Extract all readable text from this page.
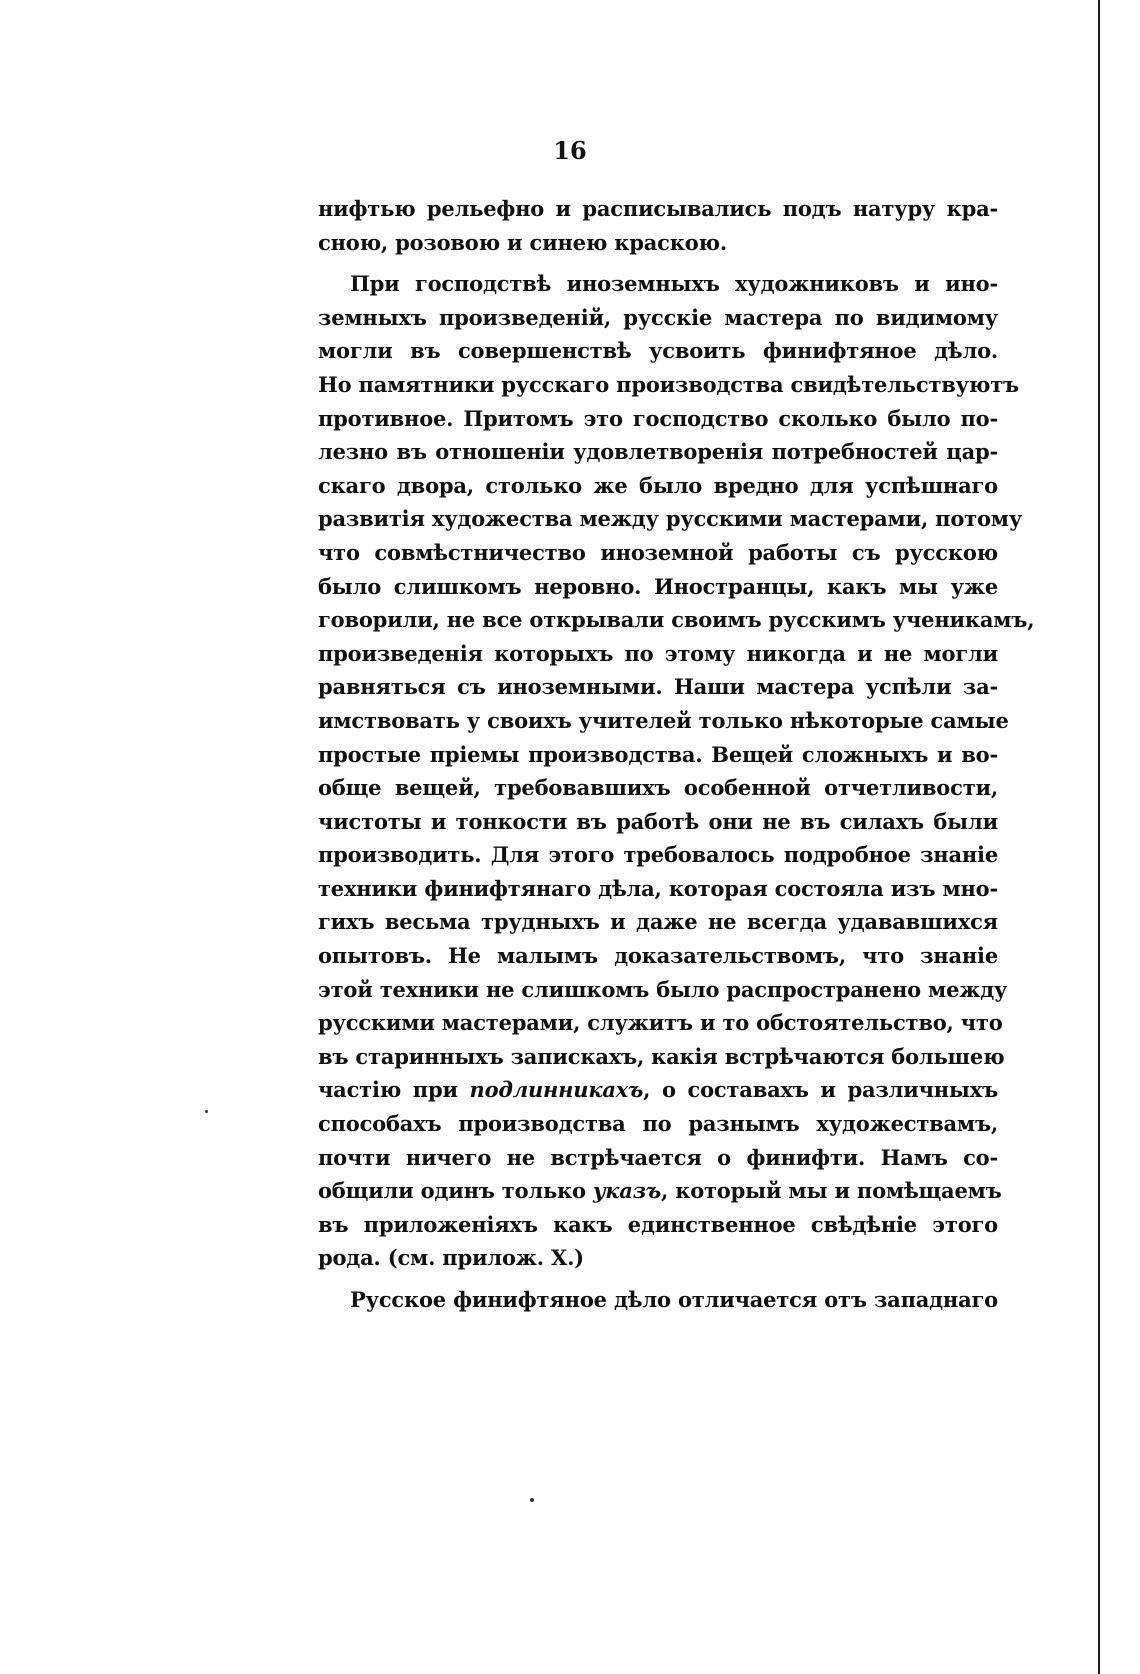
16
нифтью рельефно и расписывались подъ натуру кра-
сною, розовою и синею краскою.
При господствѣ иноземныхъ художниковъ и ино-
земныхъ произведеній, русскіе мастера по видимому
могли въ совершенствѣ усвоить финифтяное дѣло.
Но памятники русскаго производства свидѣтельствуютъ
противное. Притомъ это господство сколько было по-
лезно въ отношеніи удовлетворенія потребностей цар-
скаго двора, столько же было вредно для успѣшнаго
развитія художества между русскими мастерами, потому
что совмѣстничество иноземной работы съ русскою
было слишкомъ неровно. Иностранцы, какъ мы уже
говорили, не все открывали своимъ русскимъ ученикамъ,
произведенія которыхъ по этому никогда и не могли
равняться съ иноземными. Наши мастера успѣли за-
имствовать у своихъ учителей только нѣкоторые самые
простые пріемы производства. Вещей сложныхъ и во-
обще вещей, требовавшихъ особенной отчетливости,
чистоты и тонкости въ работѣ они не въ силахъ были
производить. Для этого требовалось подробное знаніе
техники финифтянаго дѣла, которая состояла изъ мно-
гихъ весьма трудныхъ и даже не всегда удававшихся
опытовъ. Не малымъ доказательствомъ, что знаніе
этой техники не слишкомъ было распространено между
русскими мастерами, служитъ и то обстоятельство, что
въ старинныхъ запискахъ, какія встрѣчаются большею
частію при подлинникахъ, о составахъ и различныхъ
способахъ производства по разнымъ художествамъ,
почти ничего не встрѣчается о финифти. Намъ со-
общили одинъ только указъ, который мы и помѣщаемъ
въ приложеніяхъ какъ единственное свѣдѣніе этого
рода. (см. прилож. X.)
Русское финифтяное дѣло отличается отъ западнаго
